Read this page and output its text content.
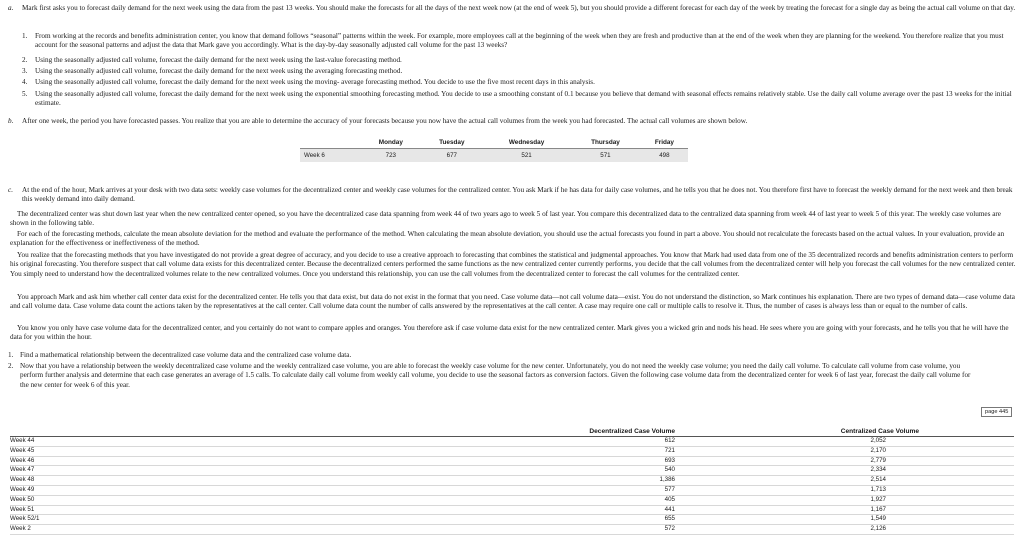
a. Mark first asks you to forecast daily demand for the next week using the data from the past 13 weeks. You should make the forecasts for all the days of the next week now (at the end of week 5), but you should provide a different forecast for each day of the week by treating the forecast for a single day as being the actual call volume on that day.

1. From working at the records and benefits administration center, you know that demand follows “seasonal” patterns within the week. For example, more employees call at the beginning of the week when they are fresh and productive than at the end of the week when they are planning for the weekend. You therefore realize that you must account for the seasonal patterns and adjust the data that Mark gave you accordingly. What is the day-by-day seasonally adjusted call volume for the past 13 weeks?

2. Using the seasonally adjusted call volume, forecast the daily demand for the next week using the last-value forecasting method.

3. Using the seasonally adjusted call volume, forecast the daily demand for the next week using the averaging forecasting method.

4. Using the seasonally adjusted call volume, forecast the daily demand for the next week using the moving- average forecasting method. You decide to use the five most recent days in this analysis.

5. Using the seasonally adjusted call volume, forecast the daily demand for the next week using the exponential smoothing forecasting method. You decide to use a smoothing constant of 0.1 because you believe that demand with seasonal effects remains relatively stable. Use the daily call volume average over the past 13 weeks for the initial estimate.

b. After one week, the period you have forecasted passes. You realize that you are able to determine the accuracy of your forecasts because you now have the actual call volumes from the week you had forecasted. The actual call volumes are shown below.

	Monday	Tuesday	Wednesday	Thursday	Friday
Week 6	723	677	521	571	498
c. At the end of the hour, Mark arrives at your desk with two data sets: weekly case volumes for the decentralized center and weekly case volumes for the centralized center. You ask Mark if he has data for daily case volumes, and he tells you that he does not. You therefore first have to forecast the weekly demand for the next week and then break this weekly demand into daily demand.

The decentralized center was shut down last year when the new centralized center opened, so you have the decentralized case data spanning from week 44 of two years ago to week 5 of last year. You compare this decentralized data to the centralized data spanning from week 44 of last year to week 5 of this year. The weekly case volumes are shown in the following table.

For each of the forecasting methods, calculate the mean absolute deviation for the method and evaluate the performance of the method. When calculating the mean absolute deviation, you should use the actual forecasts you found in part a above. You should not recalculate the forecasts based on the actual values. In your evaluation, provide an explanation for the effectiveness or ineffectiveness of the method.

You realize that the forecasting methods that you have investigated do not provide a great degree of accuracy, and you decide to use a creative approach to forecasting that combines the statistical and judgmental approaches. You know that Mark had used data from one of the 35 decentralized records and benefits administration centers to perform his original forecasting. You therefore suspect that call volume data exists for this decentralized center. Because the decentralized centers performed the same functions as the new centralized center currently performs, you decide that the call volumes from the decentralized center will help you forecast the call volumes for the new centralized center. You simply need to understand how the decentralized volumes relate to the new centralized volumes. Once you understand this relationship, you can use the call volumes from the decentralized center to forecast the call volumes for the centralized center.

You approach Mark and ask him whether call center data exist for the decentralized center. He tells you that data exist, but data do not exist in the format that you need. Case volume data—not call volume data—exist. You do not understand the distinction, so Mark continues his explanation. There are two types of demand data—case volume data and call volume data. Case volume data count the actions taken by the representatives at the call center. Call volume data count the number of calls answered by the representatives at the call center. A case may require one call or multiple calls to resolve it. Thus, the number of cases is always less than or equal to the number of calls.

You know you only have case volume data for the decentralized center, and you certainly do not want to compare apples and oranges. You therefore ask if case volume data exist for the new centralized center. Mark gives you a wicked grin and nods his head. He sees where you are going with your forecasts, and he tells you that he will have the data for you within the hour.

1. Find a mathematical relationship between the decentralized case volume data and the centralized case volume data.

2. Now that you have a relationship between the weekly decentralized case volume and the weekly centralized case volume, you are able to forecast the weekly case volume for the new center. Unfortunately, you do not need the weekly case volume; you need the daily call volume. To calculate call volume from case volume, you perform further analysis and determine that each case generates an average of 1.5 calls. To calculate daily call volume from weekly call volume, you decide to use the seasonal factors as conversion factors. Given the following case volume data from the decentralized center for week 6 of last year, forecast the daily call volume for the new center for week 6 of this year.

page 445
	Decentralized Case Volume	Centralized Case Volume
Week 44	612	2,052
Week 45	721	2,170
Week 46	693	2,779
Week 47	540	2,334
Week 48	1,386	2,514
Week 49	577	1,713
Week 50	405	1,927
Week 51	441	1,167
Week 52/1	655	1,549
Week 2	572	2,126
